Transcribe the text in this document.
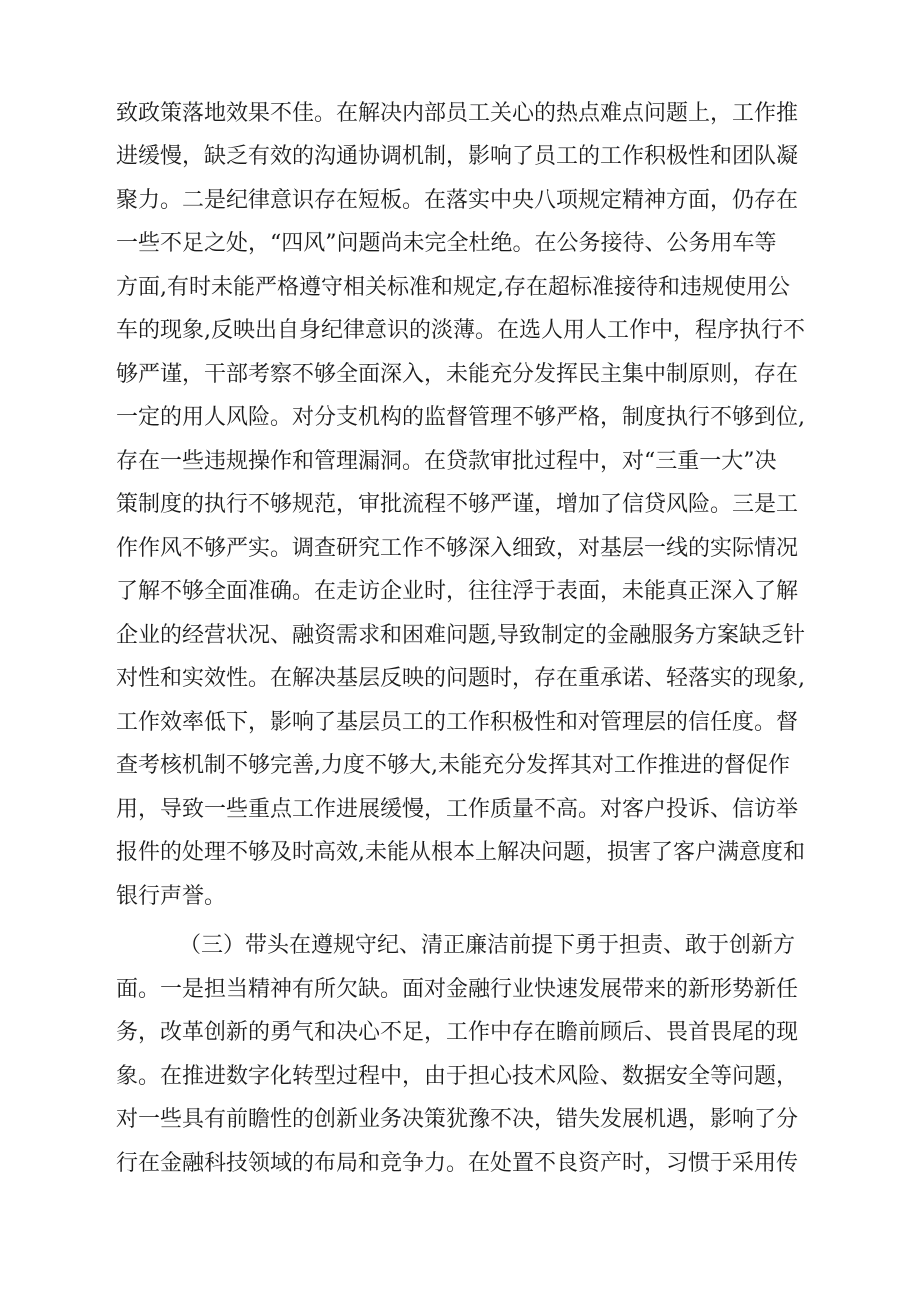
致政策落地效果不佳。在解决内部员工关心的热点难点问题上，工作推
进缓慢，缺乏有效的沟通协调机制，影响了员工的工作积极性和团队凝
聚力。二是纪律意识存在短板。在落实中央八项规定精神方面，仍存在
一些不足之处，“四风”问题尚未完全杜绝。在公务接待、公务用车等
方面,有时未能严格遵守相关标准和规定,存在超标准接待和违规使用公
车的现象,反映出自身纪律意识的淡薄。在选人用人工作中，程序执行不
够严谨，干部考察不够全面深入，未能充分发挥民主集中制原则，存在
一定的用人风险。对分支机构的监督管理不够严格，制度执行不够到位,
存在一些违规操作和管理漏洞。在贷款审批过程中，对“三重一大”决
策制度的执行不够规范，审批流程不够严谨，增加了信贷风险。三是工
作作风不够严实。调查研究工作不够深入细致，对基层一线的实际情况
了解不够全面准确。在走访企业时，往往浮于表面，未能真正深入了解
企业的经营状况、融资需求和困难问题,导致制定的金融服务方案缺乏针
对性和实效性。在解决基层反映的问题时，存在重承诺、轻落实的现象,
工作效率低下，影响了基层员工的工作积极性和对管理层的信任度。督
查考核机制不够完善,力度不够大,未能充分发挥其对工作推进的督促作
用，导致一些重点工作进展缓慢，工作质量不高。对客户投诉、信访举
报件的处理不够及时高效,未能从根本上解决问题，损害了客户满意度和
银行声誉。
（三）带头在遵规守纪、清正廉洁前提下勇于担责、敢于创新方
面。一是担当精神有所欠缺。面对金融行业快速发展带来的新形势新任
务，改革创新的勇气和决心不足，工作中存在瞻前顾后、畏首畏尾的现
象。在推进数字化转型过程中，由于担心技术风险、数据安全等问题，
对一些具有前瞻性的创新业务决策犹豫不决，错失发展机遇，影响了分
行在金融科技领域的布局和竞争力。在处置不良资产时，习惯于采用传
